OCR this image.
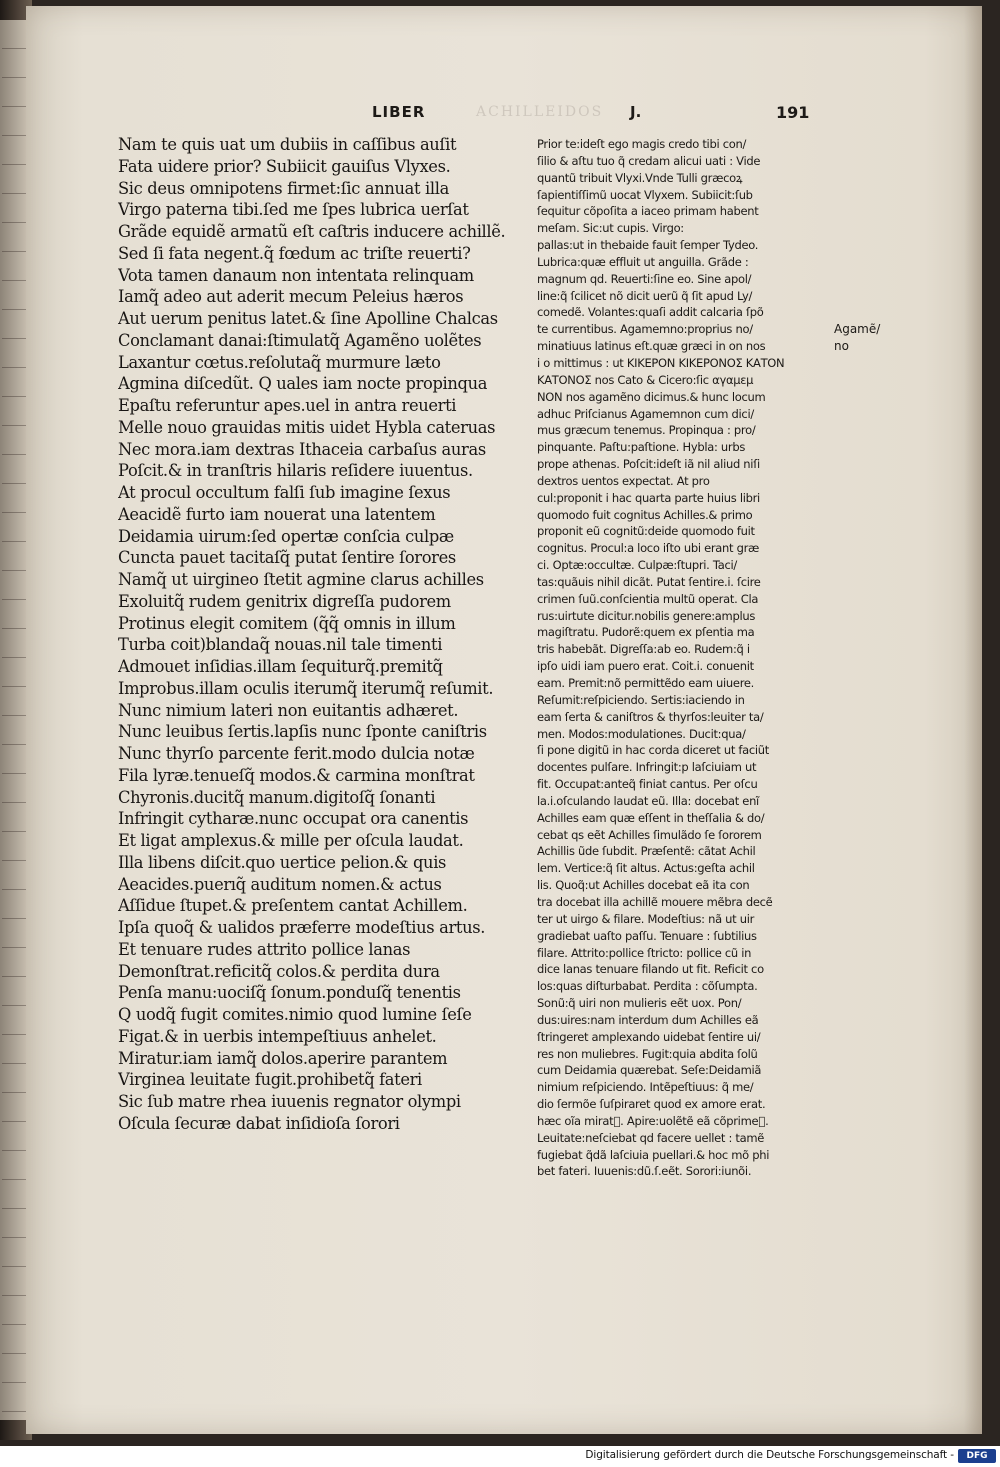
ACHILLEIDOS
LIBER	J.	191
Nam te quis uat um dubiis in caſſibus auſit
Fata uidere prior? Subiicit gauiſus Vlyxes.
Sic deus omnipotens firmet:ſic annuat illa
Virgo paterna tibi.ſed me ſpes lubrica uerſat
Grãde equidẽ armatũ eſt caſtris inducere achillẽ.
Sed ſi fata negent.q̃ fœdum ac triſte reuerti?
Vota tamen danaum non intentata relinquam
Iamq̃ adeo aut aderit mecum Peleius hæros
Aut uerum penitus latet.& ſine Apolline Chalcas
Conclamant danai:ſtimulatq̃ Agamẽno uolẽtes
Laxantur cœtus.reſolutaq̃ murmure læto
Agmina diſcedũt. Q uales iam nocte propinqua
Epaſtu referuntur apes.uel in antra reuerti
Melle nouo grauidas mitis uidet Hybla cateruas
Nec mora.iam dextras Ithaceia carbaſus auras
Poſcit.& in tranſtris hilaris reſidere iuuentus.
At procul occultum falſi ſub imagine ſexus
Aeacidẽ furto iam nouerat una latentem
Deidamia uirum:ſed opertæ conſcia culpæ
Cuncta pauet tacitaſq̃ putat ſentire ſorores
Namq̃ ut uirgineo ſtetit agmine clarus achilles
Exoluitq̃ rudem genitrix digreſſa pudorem
Protinus elegit comitem (q̃q̃ omnis in illum
Turba coit)blandaq̃ nouas.nil tale timenti
Admouet inſidias.illam ſequiturq̃.premitq̃
Improbus.illam oculis iterumq̃ iterumq̃ reſumit.
Nunc nimium lateri non euitantis adhæret.
Nunc leuibus ſertis.lapſis nunc ſponte caniſtris
Nunc thyrſo parcente ferit.modo dulcia notæ
Fila lyræ.tenueſq̃ modos.& carmina monſtrat
Chyronis.ducitq̃ manum.digitoſq̃ ſonanti
Infringit cytharæ.nunc occupat ora canentis
Et ligat amplexus.& mille per oſcula laudat.
Illa libens diſcit.quo uertice pelion.& quis
Aeacides.puerıq̃ auditum nomen.& actus
Aſſidue ſtupet.& preſentem cantat Achillem.
Ipſa quoq̃ & ualidos præferre modeſtius artus.
Et tenuare rudes attrito pollice lanas
Demonſtrat.reficitq̃ colos.& perdita dura
Penſa manu:uociſq̃ ſonum.ponduſq̃ tenentis
Q uodq̃ fugit comites.nimio quod lumine ſeſe
Figat.& in uerbis intempeſtiuus anhelet.
Miratur.iam iamq̃ dolos.aperire parantem
Virginea leuitate fugit.prohibetq̃ fateri
Sic ſub matre rhea iuuenis regnator olympi
Oſcula ſecuræ dabat inſidioſa ſorori
Prior te:ideſt ego magis credo tibi con/
ſilio & aſtu tuo q̃ credam alicui uati : Vide
quantũ tribuit Vlyxi.Vnde Tulli græcoꝝ
ſapientiſſimũ uocat Vlyxem. Subiicit:ſub
ſequitur cõpoſita a iaceo primam habent
meſam. Sic:ut cupis. Virgo:
pallas:ut in thebaide fauit ſemper Tydeo.
Lubrica:quæ effluit ut anguilla. Grãde :
magnum qd. Reuerti:ſine eo. Sine apol/
line:q̃ ſcilicet nõ dicit uerũ q̃ ſit apud Ly/
comedẽ. Volantes:quaſi addit calcaria ſpõ
te currentibus. Agamemno:proprius no/
minatiuus latinus eſt.quæ græci in on nos
i o mittimus : ut ΚΙΚΕΡΟΝ ΚΙΚΕΡΟΝΟΣ ΚΑΤΟΝ
ΚΑΤΟΝΟΣ nos Cato & Cicero:ſic αγαμεμ
ΝΟΝ nos agamẽno dicimus.& hunc locum
adhuc Priſcianus Agamemnon cum dici/
mus græcum tenemus. Propinqua : pro/
pinquante. Paſtu:paſtione. Hybla: urbs
prope athenas. Poſcit:ideſt iã nil aliud niſi
dextros uentos expectat. At pro
cul:proponit i hac quarta parte huius libri
quomodo fuit cognitus Achilles.& primo
proponit eũ cognitũ:deide quomodo fuit
cognitus. Procul:a loco iſto ubi erant græ
ci. Optæ:occultæ. Culpæ:ſtupri. Taci/
tas:quãuis nihil dicãt. Putat ſentire.i. ſcire
crimen ſuũ.conſcientia multũ operat. Cla
rus:uirtute dicitur.nobilis genere:amplus
magiſtratu. Pudorẽ:quem ex pſentia ma
tris habebãt. Digreſſa:ab eo. Rudem:q̃ i
ipſo uidi iam puero erat. Coit.i. conuenit
eam. Premit:nõ permittẽdo eam uiuere.
Reſumit:reſpiciendo. Sertis:iaciendo in
eam ſerta & caniſtros & thyrſos:leuiter ta/
men. Modos:modulationes. Ducit:qua/
ſi pone digitũ in hac corda diceret ut faciũt
docentes pulſare. Infringit:p laſciuiam ut
fit. Occupat:anteq̃ finiat cantus. Per oſcu
la.i.oſculando laudat eũ. Illa: docebat enĩ
Achilles eam quæ eſſent in theſſalia & do/
cebat qs eẽt Achilles ſimulãdo ſe ſororem
Achillis ũde ſubdit. Præſentẽ: cãtat Achil
lem. Vertice:q̃ ſit altus. Actus:geſta achil
lis. Quoq̃:ut Achilles docebat eã ita con
tra docebat illa achillẽ mouere mẽbra decẽ
ter ut uirgo & filare. Modeſtius: nã ut uir
gradiebat uaſto paſſu. Tenuare : ſubtilius
filare. Attrito:pollice ſtricto: pollice cũ in
dice lanas tenuare filando ut fit. Reficit co
los:quas diſturbabat. Perdita : cõſumpta.
Sonũ:q̃ uiri non mulieris eẽt uox. Pon/
dus:uires:nam interdum dum Achilles eã
ſtringeret amplexando uidebat ſentire ui/
res non muliebres. Fugit:quia abdita ſolũ
cum Deidamia quærebat. Seſe:Deidamiã
nimium reſpiciendo. Intẽpeſtiuus: q̃ me/
dio ſermõe ſuſpiraret quod ex amore erat.
hæc oĩa miratᷓ. Apire:uolẽtẽ eã cõprimeᷓ.
Leuitate:neſciebat qd facere uellet : tamẽ
fugiebat q̃dã laſciuia puellari.& hoc mõ phi
bet fateri. Iuuenis:dũ.ſ.eẽt. Sorori:iunõi.
Agamẽ/
no
Digitalisierung gefördert durch die Deutsche Forschungsgemeinschaft -	DFG
